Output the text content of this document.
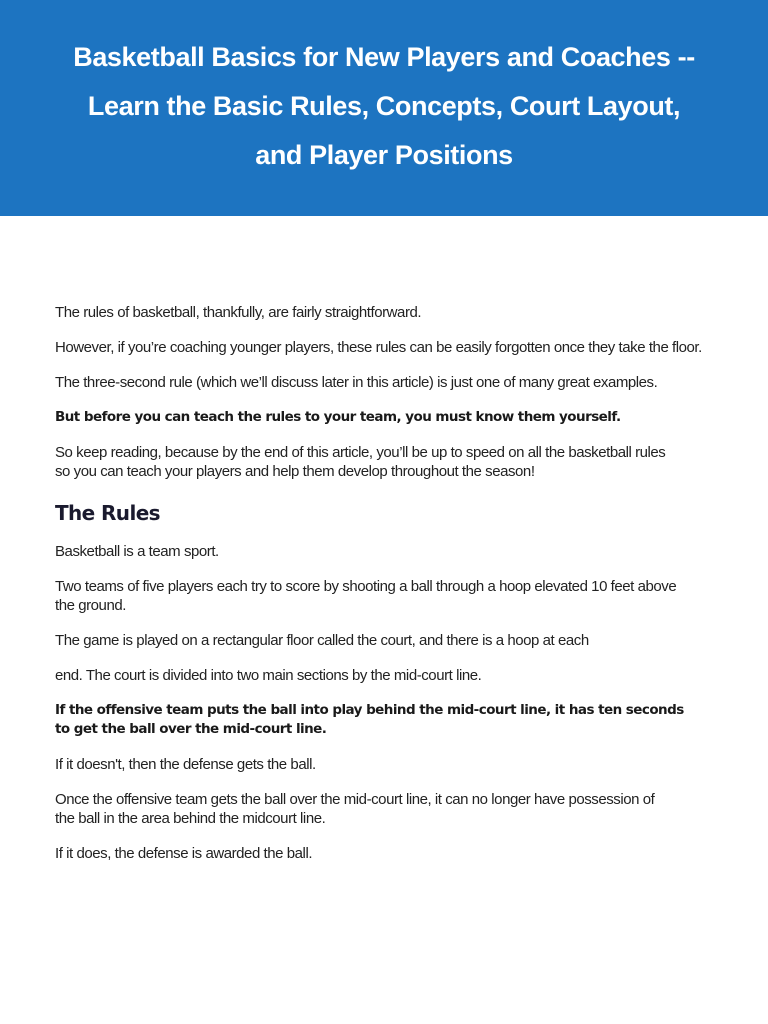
Basketball Basics for New Players and Coaches --
Learn the Basic Rules, Concepts, Court Layout,
and Player Positions

The rules of basketball, thankfully, are fairly straightforward.

However, if you’re coaching younger players, these rules can be easily forgotten once they take the floor.

The three-second rule (which we’ll discuss later in this article) is just one of many great examples.

But before you can teach the rules to your team, you must know them yourself.

So keep reading, because by the end of this article, you’ll be up to speed on all the basketball rules so you can teach your players and help them develop throughout the season!

The Rules

Basketball is a team sport.

Two teams of five players each try to score by shooting a ball through a hoop elevated 10 feet above the ground.

The game is played on a rectangular floor called the court, and there is a hoop at each

end. The court is divided into two main sections by the mid-court line.

If the offensive team puts the ball into play behind the mid-court line, it has ten seconds to get the ball over the mid-court line.

If it doesn't, then the defense gets the ball.

Once the offensive team gets the ball over the mid-court line, it can no longer have possession of the ball in the area behind the midcourt line.

If it does, the defense is awarded the ball.
